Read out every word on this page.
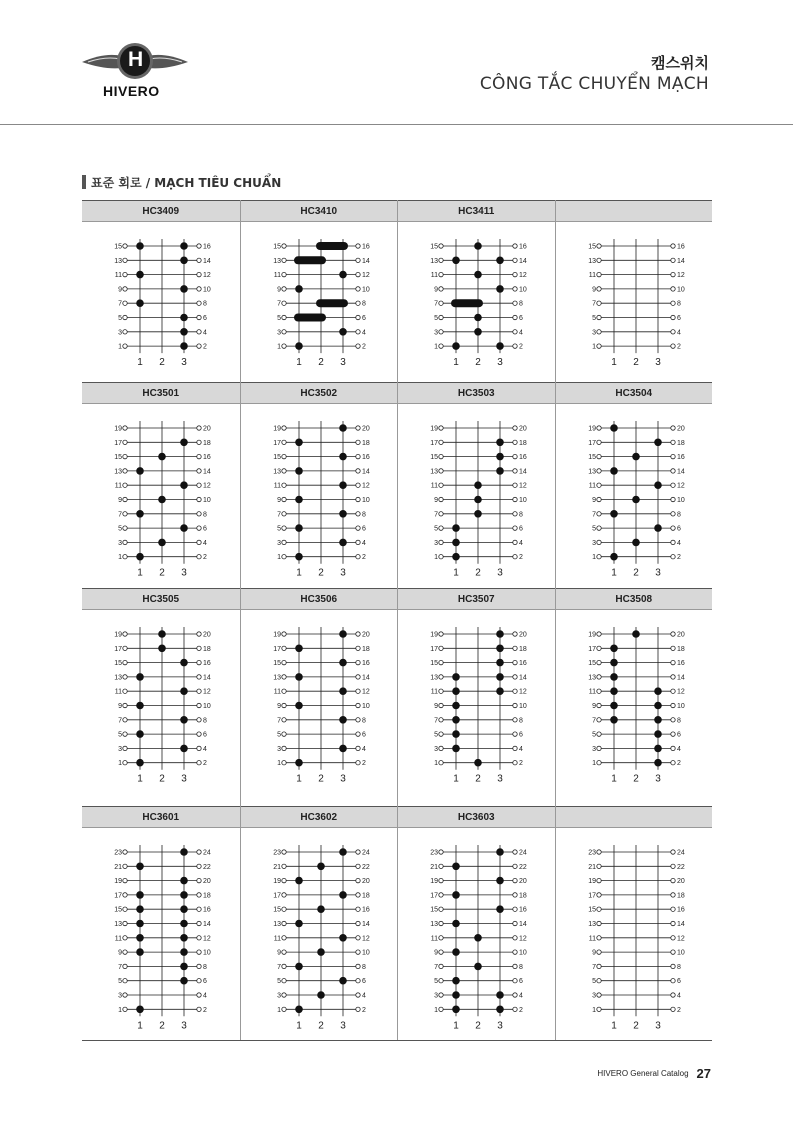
H
HIVERO
캠스위치
CÔNG TẮC CHUYỂN MẠCH
표준 회로 / MẠCH TIÊU CHUẨN
HC3409
15	16
13	14
11	12
9	10
7	8
5	6
3	4
1	2
1 2 3
HC3410
15	16
13	14
11	12
9	10
7	8
5	6
3	4
1	2
1 2 3
HC3411
15	16
13	14
11	12
9	10
7	8
5	6
3	4
1	2
1 2 3
15	16
13	14
11	12
9	10
7	8
5	6
3	4
1	2
1 2 3
HC3501
19	20
17	18
15	16
13	14
11	12
9	10
7	8
5	6
3	4
1	2
1 2 3
HC3502
19	20
17	18
15	16
13	14
11	12
9	10
7	8
5	6
3	4
1	2
1 2 3
HC3503
19	20
17	18
15	16
13	14
11	12
9	10
7	8
5	6
3	4
1	2
1 2 3
HC3504
19	20
17	18
15	16
13	14
11	12
9	10
7	8
5	6
3	4
1	2
1 2 3
HC3505
19	20
17	18
15	16
13	14
11	12
9	10
7	8
5	6
3	4
1	2
1 2 3
HC3506
19	20
17	18
15	16
13	14
11	12
9	10
7	8
5	6
3	4
1	2
1 2 3
HC3507
19	20
17	18
15	16
13	14
11	12
9	10
7	8
5	6
3	4
1	2
1 2 3
HC3508
19	20
17	18
15	16
13	14
11	12
9	10
7	8
5	6
3	4
1	2
1 2 3
HC3601
23	24
21	22
19	20
17	18
15	16
13	14
11	12
9	10
7	8
5	6
3	4
1	2
1 2 3
HC3602
23	24
21	22
19	20
17	18
15	16
13	14
11	12
9	10
7	8
5	6
3	4
1	2
1 2 3
HC3603
23	24
21	22
19	20
17	18
15	16
13	14
11	12
9	10
7	8
5	6
3	4
1	2
1 2 3
23	24
21	22
19	20
17	18
15	16
13	14
11	12
9	10
7	8
5	6
3	4
1	2
1 2 3
HIVERO General Catalog 27
